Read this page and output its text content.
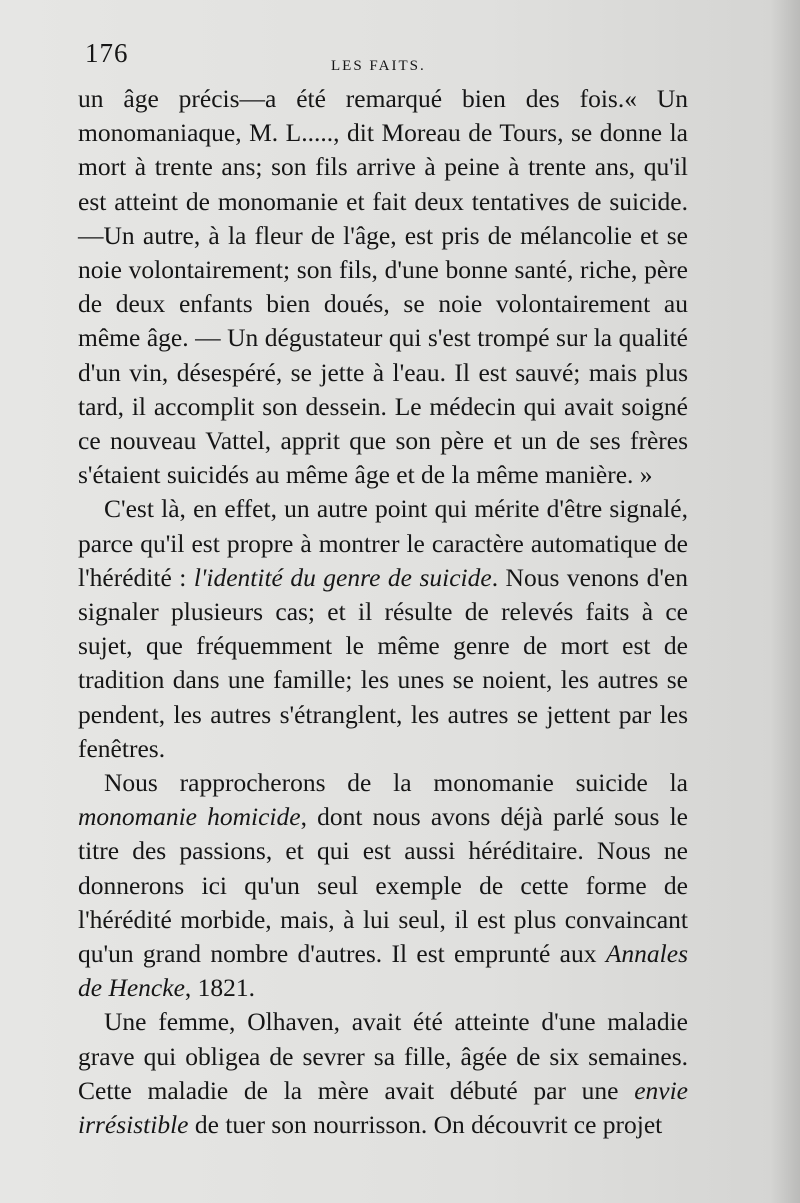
176	LES FAITS.

un âge précis—a été remarqué bien des fois.« Un monomaniaque, M. L....., dit Moreau de Tours, se donne la mort à trente ans; son fils arrive à peine à trente ans, qu'il est atteint de monomanie et fait deux tentatives de suicide.—Un autre, à la fleur de l'âge, est pris de mélancolie et se noie volontairement; son fils, d'une bonne santé, riche, père de deux enfants bien doués, se noie volontairement au même âge. — Un dégustateur qui s'est trompé sur la qualité d'un vin, désespéré, se jette à l'eau. Il est sauvé; mais plus tard, il accomplit son dessein. Le médecin qui avait soigné ce nouveau Vattel, apprit que son père et un de ses frères s'étaient suicidés au même âge et de la même manière. »

C'est là, en effet, un autre point qui mérite d'être signalé, parce qu'il est propre à montrer le caractère automatique de l'hérédité : l'identité du genre de suicide. Nous venons d'en signaler plusieurs cas; et il résulte de relevés faits à ce sujet, que fréquemment le même genre de mort est de tradition dans une famille; les unes se noient, les autres se pendent, les autres s'étranglent, les autres se jettent par les fenêtres.

Nous rapprocherons de la monomanie suicide la monomanie homicide, dont nous avons déjà parlé sous le titre des passions, et qui est aussi héréditaire. Nous ne donnerons ici qu'un seul exemple de cette forme de l'hérédité morbide, mais, à lui seul, il est plus convaincant qu'un grand nombre d'autres. Il est emprunté aux Annales de Hencke, 1821.

Une femme, Olhaven, avait été atteinte d'une maladie grave qui obligea de sevrer sa fille, âgée de six semaines. Cette maladie de la mère avait débuté par une envie irrésistible de tuer son nourrisson. On découvrit ce projet
